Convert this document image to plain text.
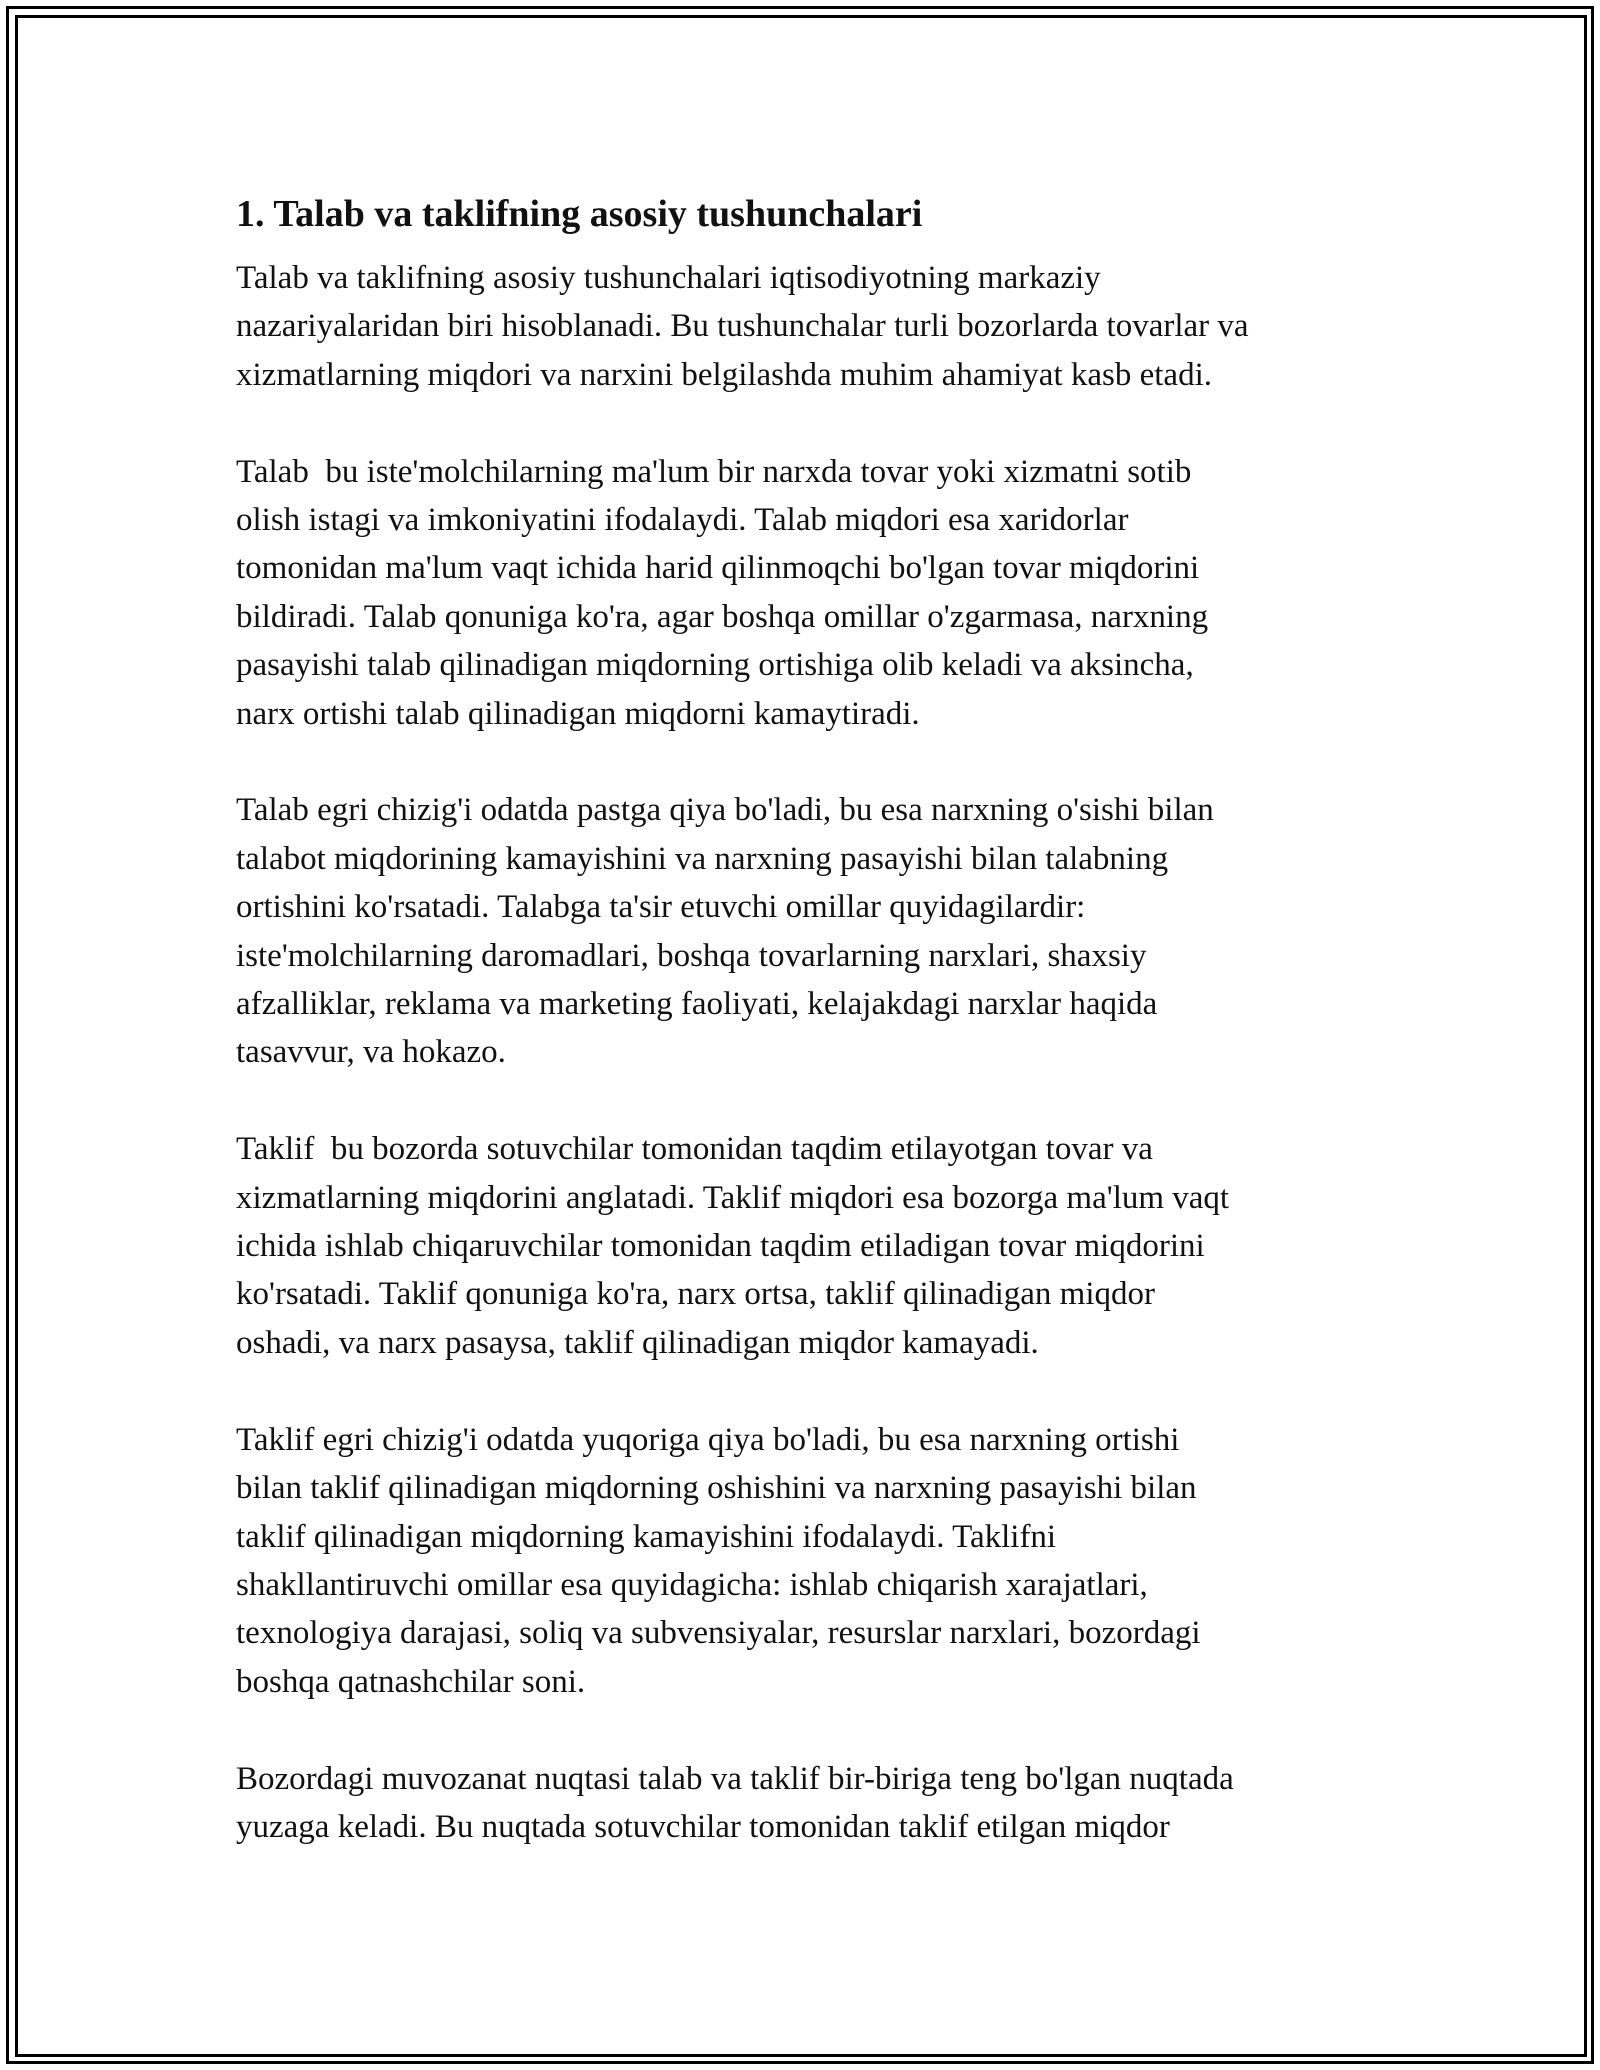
1. Talab va taklifning asosiy tushunchalari

Talab va taklifning asosiy tushunchalari iqtisodiyotning markaziy
nazariyalaridan biri hisoblanadi. Bu tushunchalar turli bozorlarda tovarlar va
xizmatlarning miqdori va narxini belgilashda muhim ahamiyat kasb etadi.

Talab  bu iste'molchilarning ma'lum bir narxda tovar yoki xizmatni sotib
olish istagi va imkoniyatini ifodalaydi. Talab miqdori esa xaridorlar
tomonidan ma'lum vaqt ichida harid qilinmoqchi bo'lgan tovar miqdorini
bildiradi. Talab qonuniga ko'ra, agar boshqa omillar o'zgarmasa, narxning
pasayishi talab qilinadigan miqdorning ortishiga olib keladi va aksincha,
narx ortishi talab qilinadigan miqdorni kamaytiradi.

Talab egri chizig'i odatda pastga qiya bo'ladi, bu esa narxning o'sishi bilan
talabot miqdorining kamayishini va narxning pasayishi bilan talabning
ortishini ko'rsatadi. Talabga ta'sir etuvchi omillar quyidagilardir:
iste'molchilarning daromadlari, boshqa tovarlarning narxlari, shaxsiy
afzalliklar, reklama va marketing faoliyati, kelajakdagi narxlar haqida
tasavvur, va hokazo.

Taklif  bu bozorda sotuvchilar tomonidan taqdim etilayotgan tovar va
xizmatlarning miqdorini anglatadi. Taklif miqdori esa bozorga ma'lum vaqt
ichida ishlab chiqaruvchilar tomonidan taqdim etiladigan tovar miqdorini
ko'rsatadi. Taklif qonuniga ko'ra, narx ortsa, taklif qilinadigan miqdor
oshadi, va narx pasaysa, taklif qilinadigan miqdor kamayadi.

Taklif egri chizig'i odatda yuqoriga qiya bo'ladi, bu esa narxning ortishi
bilan taklif qilinadigan miqdorning oshishini va narxning pasayishi bilan
taklif qilinadigan miqdorning kamayishini ifodalaydi. Taklifni
shakllantiruvchi omillar esa quyidagicha: ishlab chiqarish xarajatlari,
texnologiya darajasi, soliq va subvensiyalar, resurslar narxlari, bozordagi
boshqa qatnashchilar soni.

Bozordagi muvozanat nuqtasi talab va taklif bir-biriga teng bo'lgan nuqtada
yuzaga keladi. Bu nuqtada sotuvchilar tomonidan taklif etilgan miqdor
